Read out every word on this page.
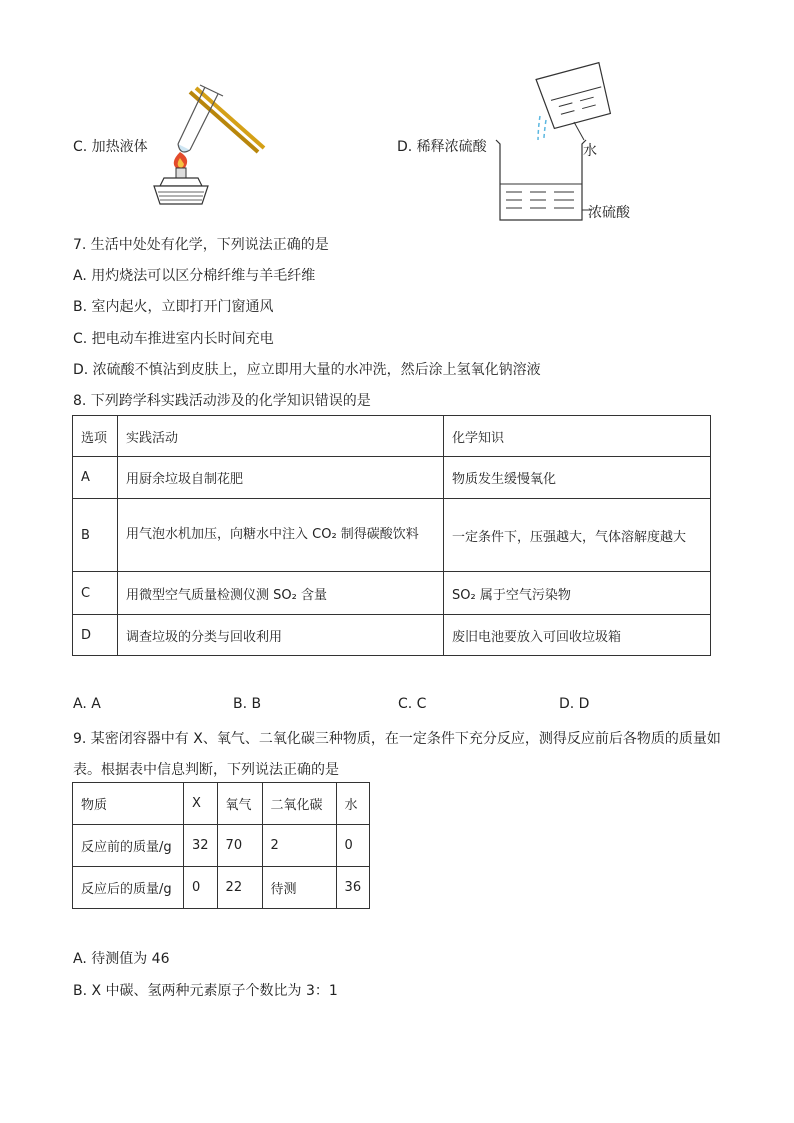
C. 加热液体	D. 稀释浓硫酸	水
浓硫酸
7. 生活中处处有化学，下列说法正确的是
A. 用灼烧法可以区分棉纤维与羊毛纤维
B. 室内起火，立即打开门窗通风
C. 把电动车推进室内长时间充电
D. 浓硫酸不慎沾到皮肤上，应立即用大量的水冲洗，然后涂上氢氧化钠溶液
8. 下列跨学科实践活动涉及的化学知识错误的是
选项	实践活动	化学知识
A	用厨余垃圾自制花肥	物质发生缓慢氧化
B	用气泡水机加压，向糖水中注入 CO₂ 制得碳酸饮料	一定条件下，压强越大，气体溶解度越大
C	用微型空气质量检测仪测 SO₂ 含量	SO₂ 属于空气污染物
D	调查垃圾的分类与回收利用	废旧电池要放入可回收垃圾箱
A. A	B. B	C. C	D. D
9. 某密闭容器中有 X、氧气、二氧化碳三种物质，在一定条件下充分反应，测得反应前后各物质的质量如
表。根据表中信息判断，下列说法正确的是
物质	X	氧气	二氧化碳	水
反应前的质量/g	32	70	2	0
反应后的质量/g	0	22	待测	36
A. 待测值为 46
B. X 中碳、氢两种元素原子个数比为 3：1
